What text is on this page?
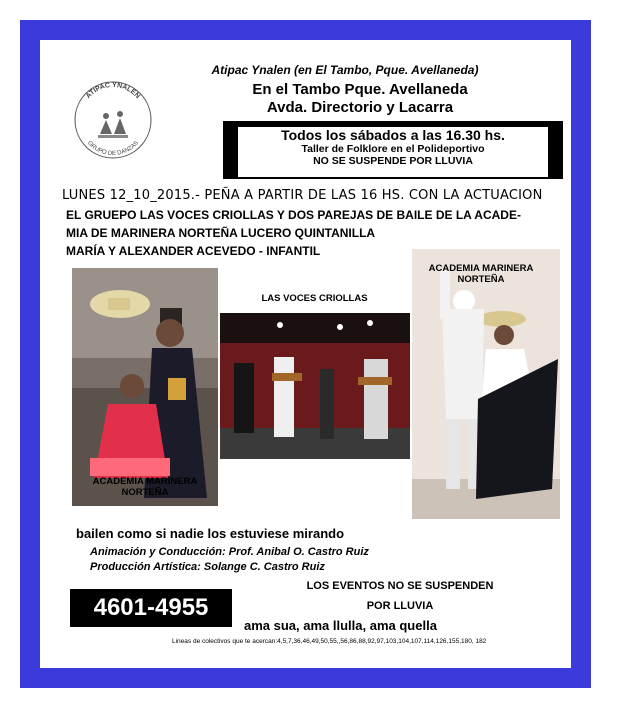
ATIPAC YNALEN
GRUPO DE DANZAS
Atipac Ynalen (en El Tambo, Pque. Avellaneda)
En el Tambo Pque. Avellaneda
Avda. Directorio y Lacarra
Todos los sábados a las 16.30 hs.
Taller de Folklore en el Polideportivo
NO SE SUSPENDE POR LLUVIA
LUNES 12_10_2015.- PEÑA A PARTIR DE LAS 16 HS. CON LA ACTUACION
EL GRUEPO LAS VOCES CRIOLLAS Y DOS PAREJAS DE BAILE DE LA ACADE-
MIA DE MARINERA NORTEÑA LUCERO QUINTANILLA
MARÍA Y ALEXANDER ACEVEDO - INFANTIL
ACADEMIA MARINERA NORTEÑA
LAS VOCES CRIOLLAS
ACADEMIA MARINERA NORTEÑA
bailen como si nadie los estuviese mirando
Animación y Conducción: Prof. Anibal O. Castro Ruiz
Producción Artística: Solange C. Castro Ruiz
LOS EVENTOS NO SE SUSPENDEN
POR LLUVIA
4601-4955
ama sua, ama llulla, ama quella
Lineas de colectivos que te acercan:4,5,7,36,46,49,50,55,,56,86,88,92,97,103,104,107,114,126,155,180, 182
